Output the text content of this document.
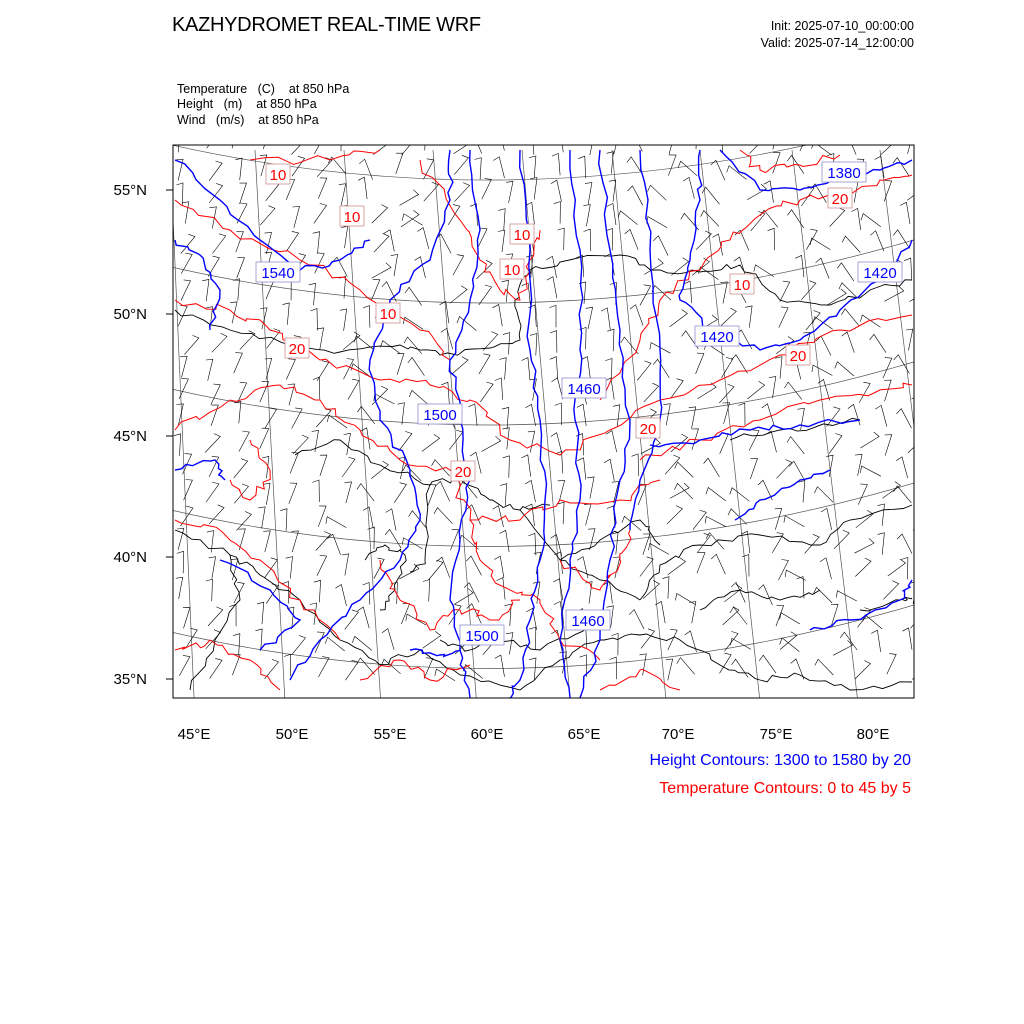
KAZHYDROMET REAL-TIME WRF	Init: 2025-07-10_00:00:00
Valid: 2025-07-14_12:00:00
Temperature (C) at 850 hPa
Height (m) at 850 hPa
Wind (m/s) at 850 hPa
1380
1420
1420
1460
1460
1500
1500
1540
10
10
10
10
10
10
20
20	20
20
20
45°E	50°E	55°E	60°E	65°E	70°E	75°E	80°E
55°N
50°N
45°N
40°N
35°N
Height Contours: 1300 to 1580 by 20
Temperature Contours: 0 to 45 by 5
